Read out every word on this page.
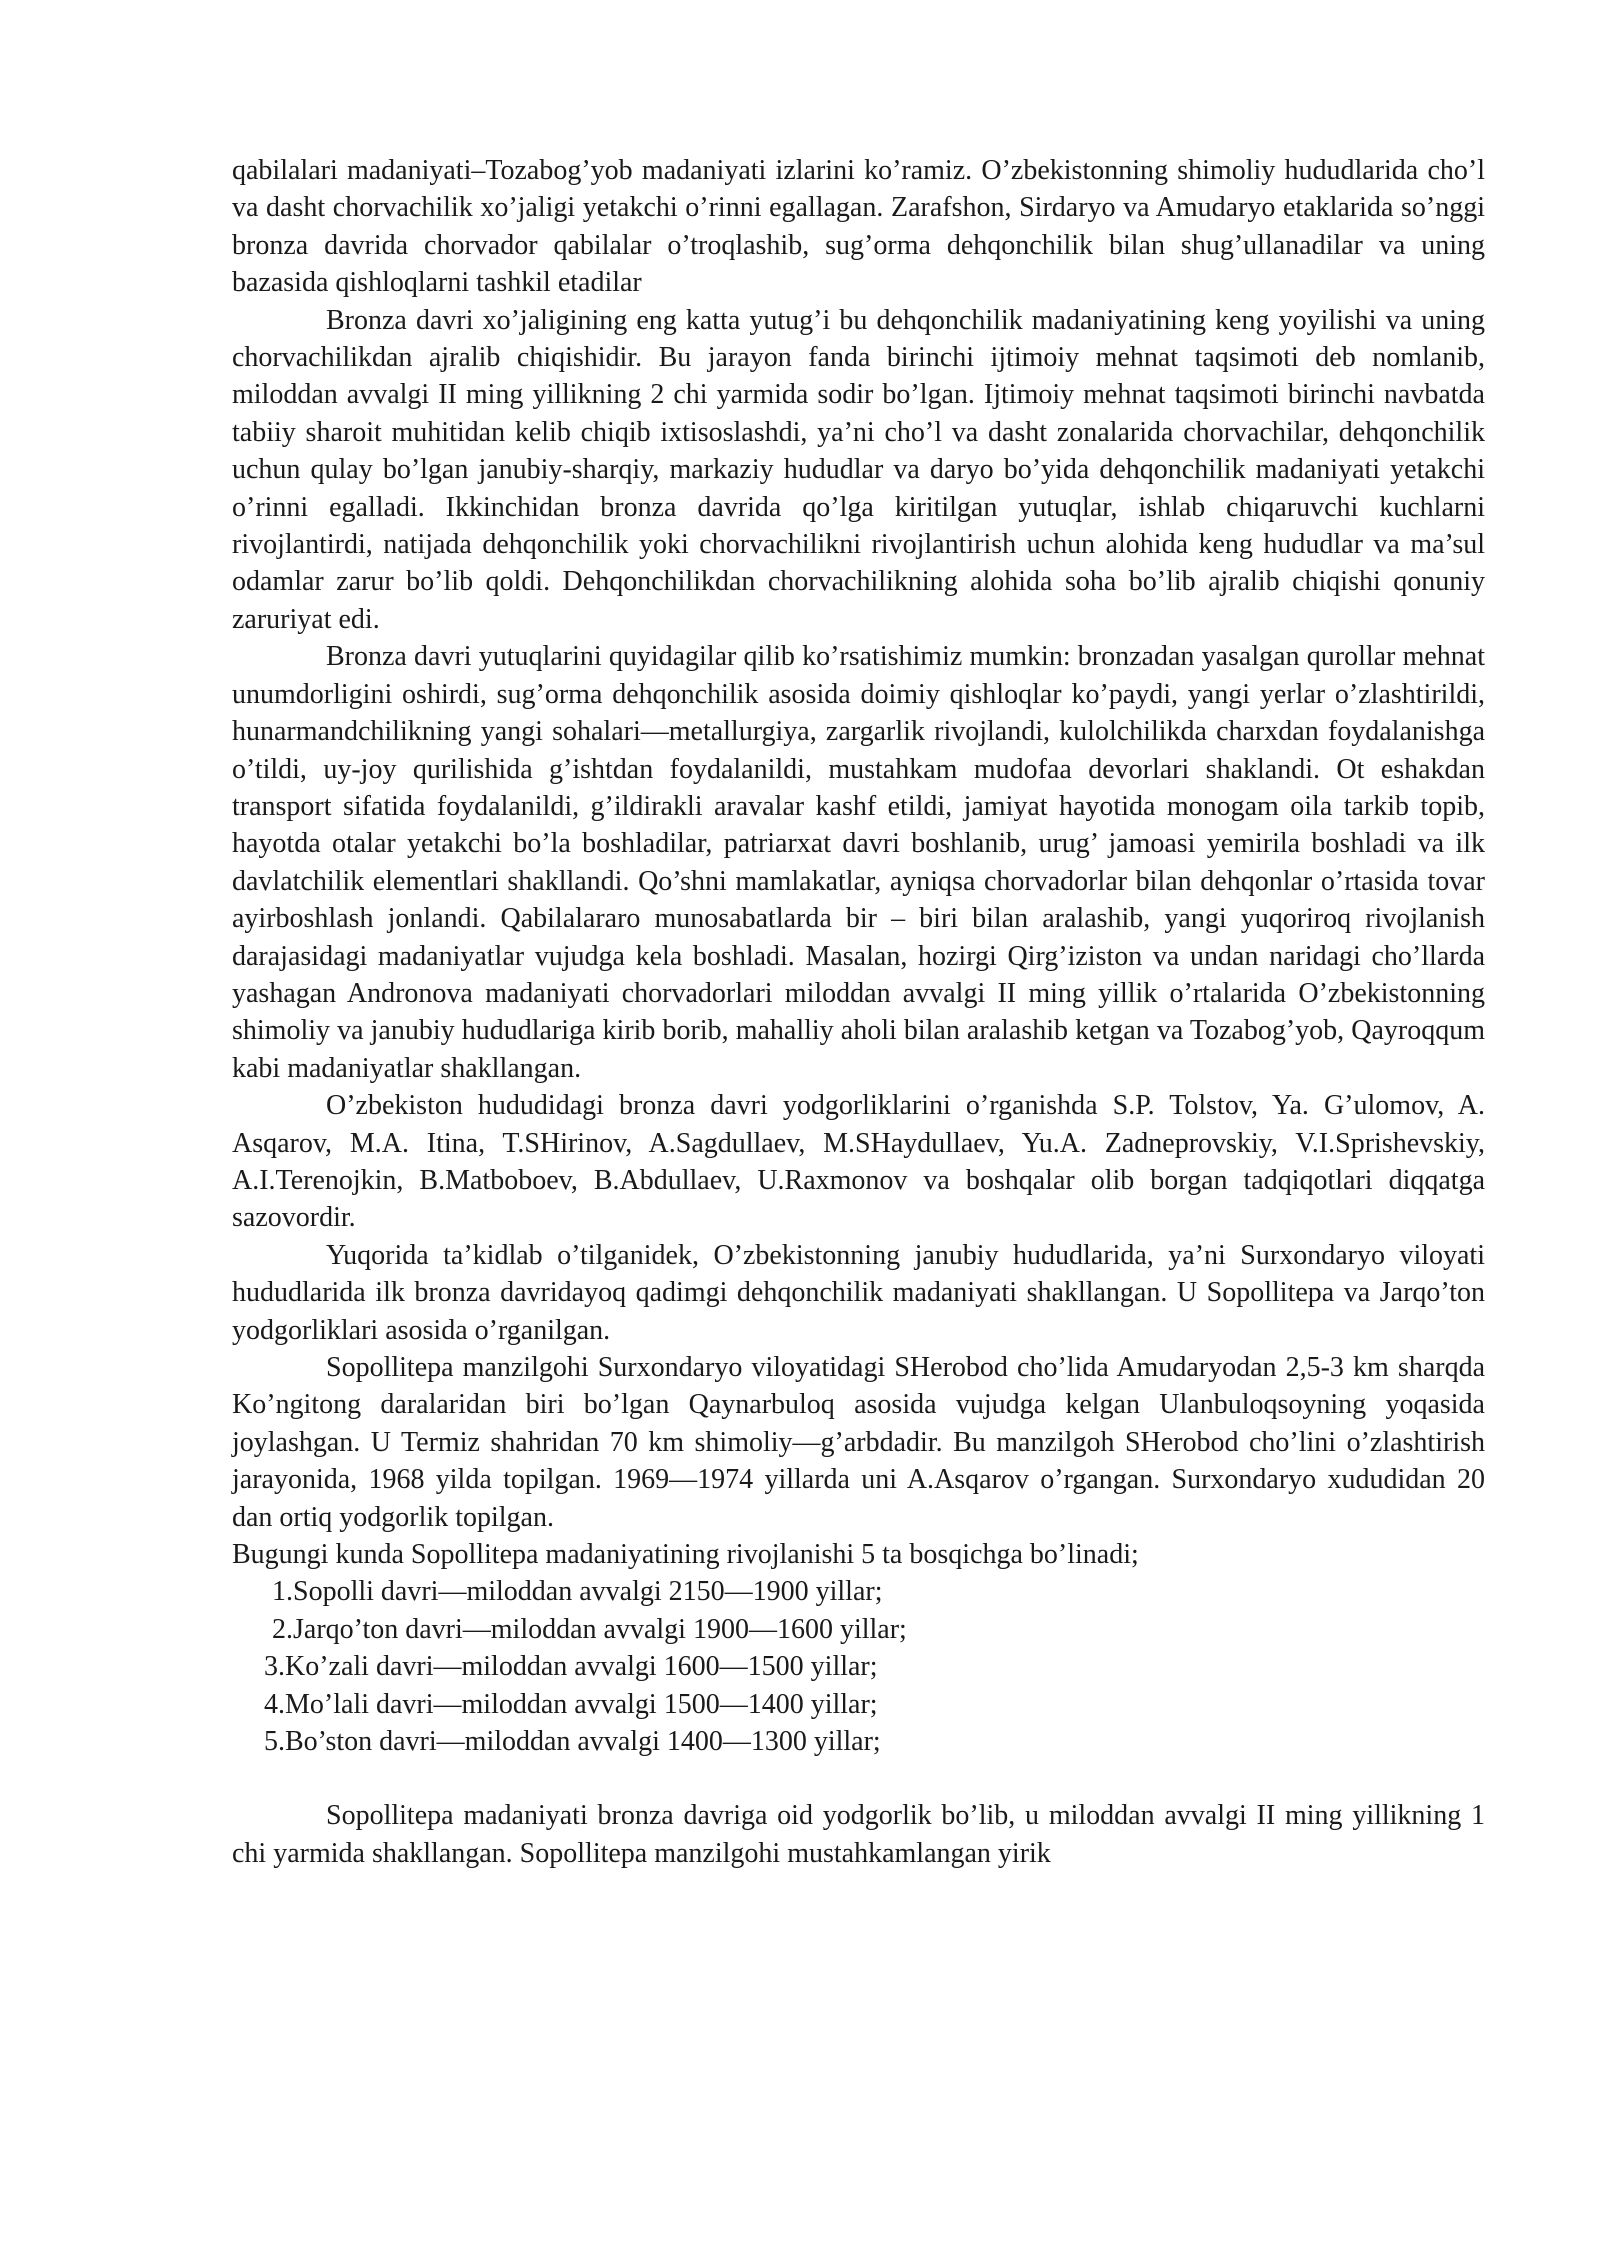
qabilalari madaniyati–Tozabog’yob madaniyati izlarini ko’ramiz. O’zbekistonning shimoliy hududlarida cho’l va dasht chorvachilik xo’jaligi yetakchi o’rinni egallagan. Zarafshon, Sirdaryo va Amudaryo etaklarida so’nggi bronza davrida chorvador qabilalar o’troqlashib, sug’orma dehqonchilik bilan shug’ullanadilar va uning bazasida qishloqlarni tashkil etadilar

Bronza davri xo’jaligining eng katta yutug’i bu dehqonchilik madaniyatining keng yoyilishi va uning chorvachilikdan ajralib chiqishidir. Bu jarayon fanda birinchi ijtimoiy mehnat taqsimoti deb nomlanib, miloddan avvalgi II ming yillikning 2 chi yarmida sodir bo’lgan. Ijtimoiy mehnat taqsimoti birinchi navbatda tabiiy sharoit muhitidan kelib chiqib ixtisoslashdi, ya’ni cho’l va dasht zonalarida chorvachilar, dehqonchilik uchun qulay bo’lgan janubiy-sharqiy, markaziy hududlar va daryo bo’yida dehqonchilik madaniyati yetakchi o’rinni egalladi. Ikkinchidan bronza davrida qo’lga kiritilgan yutuqlar, ishlab chiqaruvchi kuchlarni rivojlantirdi, natijada dehqonchilik yoki chorvachilikni rivojlantirish uchun alohida keng hududlar va ma’sul odamlar zarur bo’lib qoldi. Dehqonchilikdan chorvachilikning alohida soha bo’lib ajralib chiqishi qonuniy zaruriyat edi.

Bronza davri yutuqlarini quyidagilar qilib ko’rsatishimiz mumkin: bronzadan yasalgan qurollar mehnat unumdorligini oshirdi, sug’orma dehqonchilik asosida doimiy qishloqlar ko’paydi, yangi yerlar o’zlashtirildi, hunarmandchilikning yangi sohalari—metallurgiya, zargarlik rivojlandi, kulolchilikda charxdan foydalanishga o’tildi, uy-joy qurilishida g’ishtdan foydalanildi, mustahkam mudofaa devorlari shaklandi. Ot eshakdan transport sifatida foydalanildi, g’ildirakli aravalar kashf etildi, jamiyat hayotida monogam oila tarkib topib, hayotda otalar yetakchi bo’la boshladilar, patriarxat davri boshlanib, urug’ jamoasi yemirila boshladi va ilk davlatchilik elementlari shakllandi. Qo’shni mamlakatlar, ayniqsa chorvadorlar bilan dehqonlar o’rtasida tovar ayirboshlash jonlandi. Qabilalararo munosabatlarda bir – biri bilan aralashib, yangi yuqoriroq rivojlanish darajasidagi madaniyatlar vujudga kela boshladi. Masalan, hozirgi Qirg’iziston va undan naridagi cho’llarda yashagan Andronova madaniyati chorvadorlari miloddan avvalgi II ming yillik o’rtalarida O’zbekistonning shimoliy va janubiy hududlariga kirib borib, mahalliy aholi bilan aralashib ketgan va Tozabog’yob, Qayroqqum kabi madaniyatlar shakllangan.

O’zbekiston hududidagi bronza davri yodgorliklarini o’rganishda S.P. Tolstov, Ya. G’ulomov, A. Asqarov, M.A. Itina, T.SHirinov, A.Sagdullaev, M.SHaydullaev, Yu.A. Zadneprovskiy, V.I.Sprishevskiy, A.I.Terenojkin, B.Matboboev, B.Abdullaev, U.Raxmonov va boshqalar olib borgan tadqiqotlari diqqatga sazovordir.

Yuqorida ta’kidlab o’tilganidek, O’zbekistonning janubiy hududlarida, ya’ni Surxondaryo viloyati hududlarida ilk bronza davridayoq qadimgi dehqonchilik madaniyati shakllangan. U Sopollitepa va Jarqo’ton yodgorliklari asosida o’rganilgan.

Sopollitepa manzilgohi Surxondaryo viloyatidagi SHerobod cho’lida Amudaryodan 2,5-3 km sharqda Ko’ngitong daralaridan biri bo’lgan Qaynarbuloq asosida vujudga kelgan Ulanbuloqsoyning yoqasida joylashgan. U Termiz shahridan 70 km shimoliy—g’arbdadir. Bu manzilgoh SHerobod cho’lini o’zlashtirish jarayonida, 1968 yilda topilgan. 1969—1974 yillarda uni A.Asqarov o’rgangan. Surxondaryo xududidan 20 dan ortiq yodgorlik topilgan.

Bugungi kunda Sopollitepa madaniyatining rivojlanishi 5 ta bosqichga bo’linadi;

1.Sopolli davri—miloddan avvalgi 2150—1900 yillar;
2.Jarqo’ton davri—miloddan avvalgi 1900—1600 yillar;
3.Ko’zali davri—miloddan avvalgi 1600—1500 yillar;
4.Mo’lali davri—miloddan avvalgi 1500—1400 yillar;
5.Bo’ston davri—miloddan avvalgi 1400—1300 yillar;

Sopollitepa madaniyati bronza davriga oid yodgorlik bo’lib, u miloddan avvalgi II ming yillikning 1 chi yarmida shakllangan. Sopollitepa manzilgohi mustahkamlangan yirik
